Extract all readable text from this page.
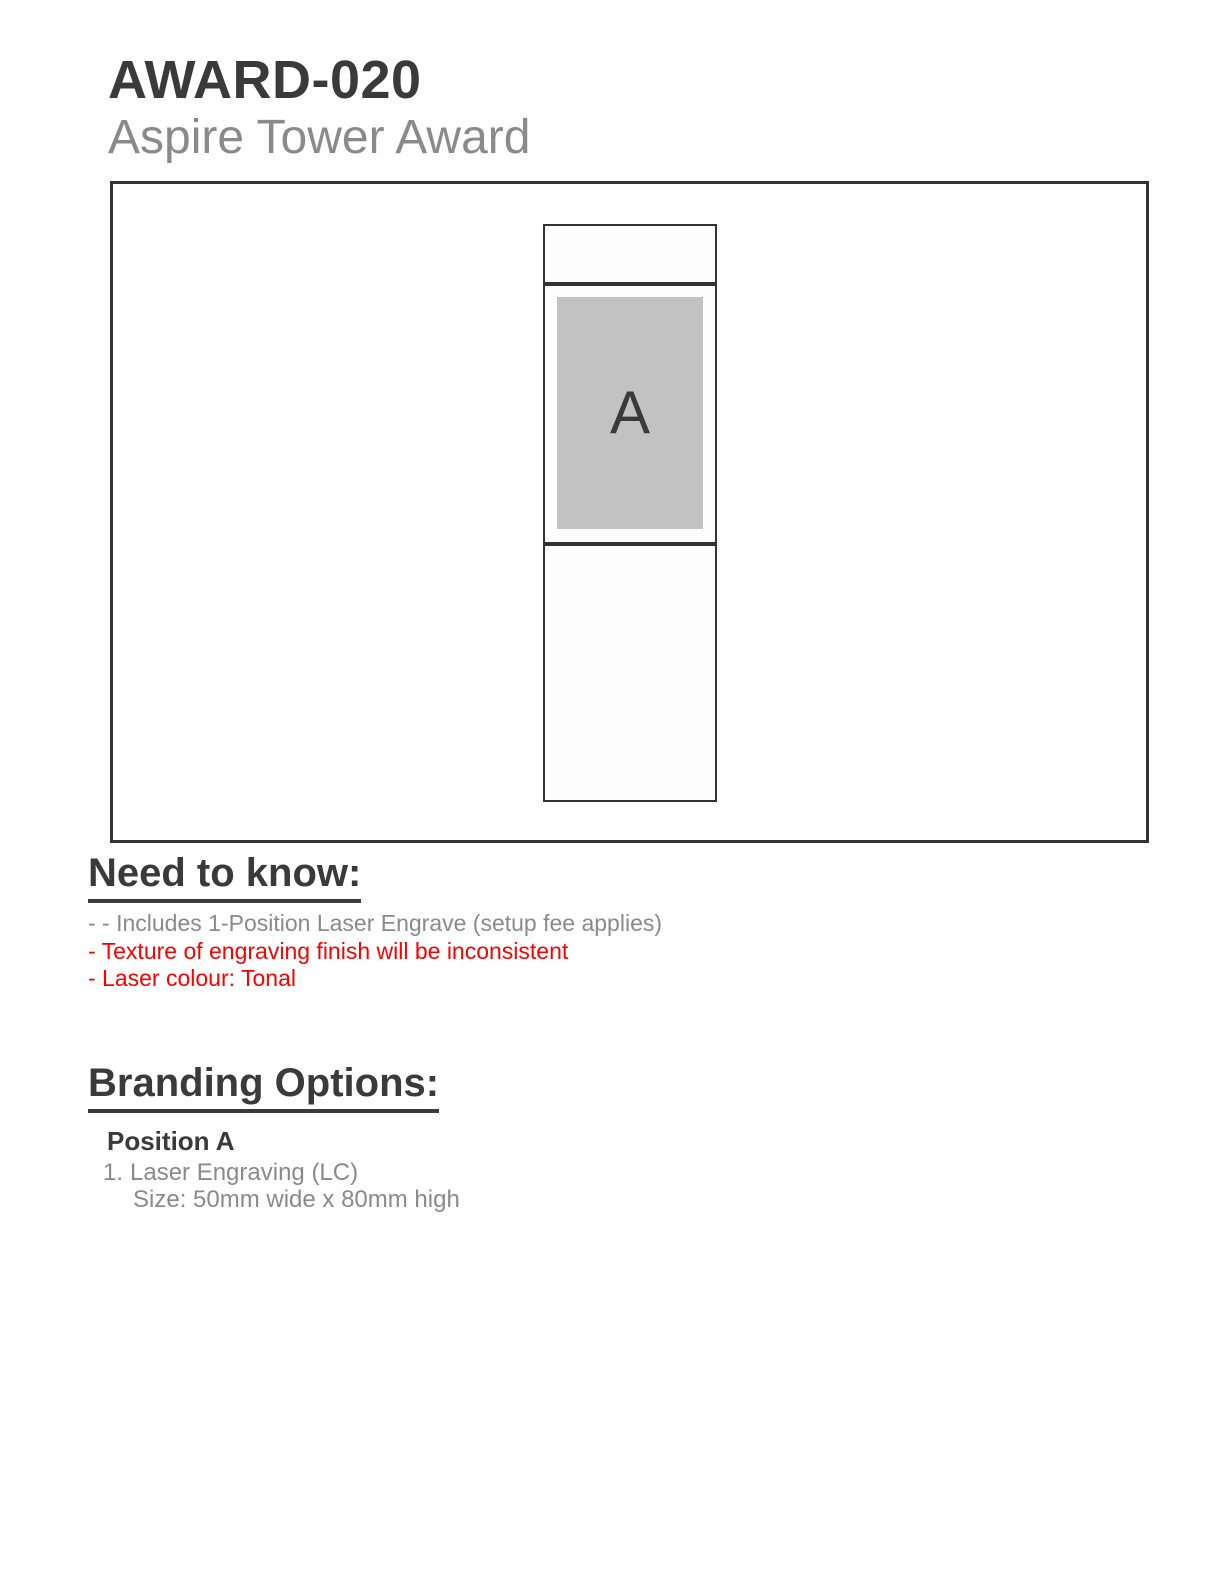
AWARD-020
Aspire Tower Award
A
Need to know:

- - Includes 1-Position Laser Engrave (setup fee applies)

- Texture of engraving finish will be inconsistent

- Laser colour: Tonal

Branding Options:
Position A
1. Laser Engraving (LC)
Size: 50mm wide x 80mm high
